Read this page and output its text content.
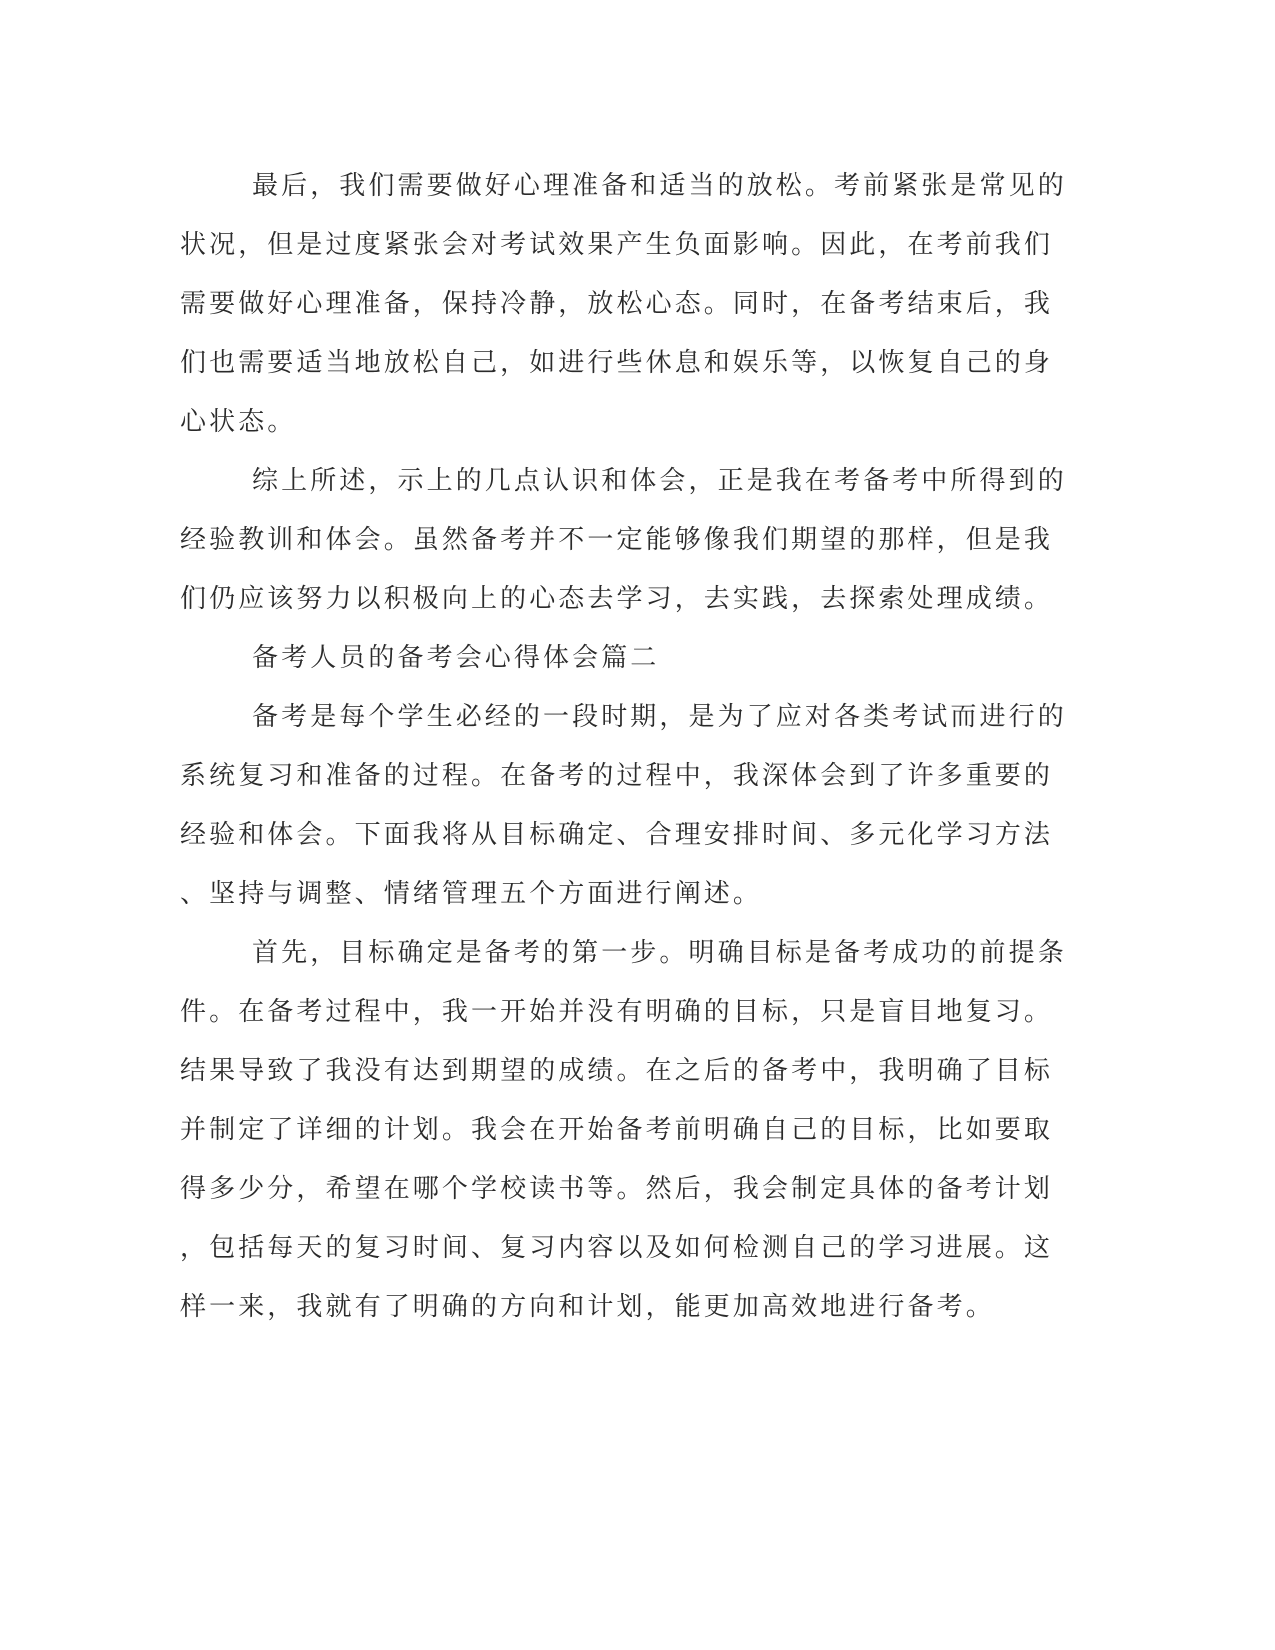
最后，我们需要做好心理准备和适当的放松。考前紧张是常见的
状况，但是过度紧张会对考试效果产生负面影响。因此，在考前我们
需要做好心理准备，保持冷静，放松心态。同时，在备考结束后，我
们也需要适当地放松自己，如进行些休息和娱乐等，以恢复自己的身
心状态。
综上所述，示上的几点认识和体会，正是我在考备考中所得到的
经验教训和体会。虽然备考并不一定能够像我们期望的那样，但是我
们仍应该努力以积极向上的心态去学习，去实践，去探索处理成绩。
备考人员的备考会心得体会篇二
备考是每个学生必经的一段时期，是为了应对各类考试而进行的
系统复习和准备的过程。在备考的过程中，我深体会到了许多重要的
经验和体会。下面我将从目标确定、合理安排时间、多元化学习方法
、坚持与调整、情绪管理五个方面进行阐述。
首先，目标确定是备考的第一步。明确目标是备考成功的前提条
件。在备考过程中，我一开始并没有明确的目标，只是盲目地复习。
结果导致了我没有达到期望的成绩。在之后的备考中，我明确了目标
并制定了详细的计划。我会在开始备考前明确自己的目标，比如要取
得多少分，希望在哪个学校读书等。然后，我会制定具体的备考计划
，包括每天的复习时间、复习内容以及如何检测自己的学习进展。这
样一来，我就有了明确的方向和计划，能更加高效地进行备考。
